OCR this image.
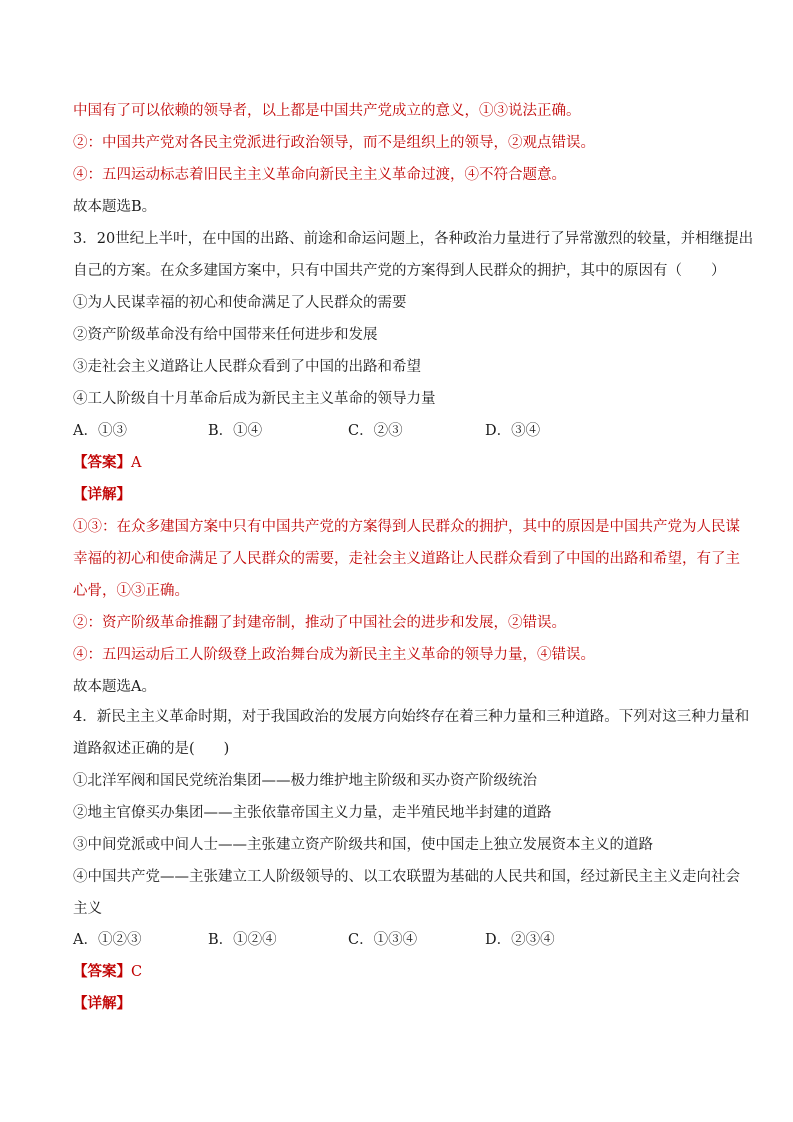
中国有了可以依赖的领导者，以上都是中国共产党成立的意义，①③说法正确。
②：中国共产党对各民主党派进行政治领导，而不是组织上的领导，②观点错误。
④：五四运动标志着旧民主主义革命向新民主主义革命过渡，④不符合题意。
故本题选B。
3．20世纪上半叶，在中国的出路、前途和命运问题上，各种政治力量进行了异常激烈的较量，并相继提出
自己的方案。在众多建国方案中，只有中国共产党的方案得到人民群众的拥护，其中的原因有（　　）
①为人民谋幸福的初心和使命满足了人民群众的需要
②资产阶级革命没有给中国带来任何进步和发展
③走社会主义道路让人民群众看到了中国的出路和希望
④工人阶级自十月革命后成为新民主主义革命的领导力量
A．①③	B．①④	C．②③	D．③④
【答案】A
【详解】
①③：在众多建国方案中只有中国共产党的方案得到人民群众的拥护，其中的原因是中国共产党为人民谋
幸福的初心和使命满足了人民群众的需要，走社会主义道路让人民群众看到了中国的出路和希望，有了主
心骨，①③正确。
②：资产阶级革命推翻了封建帝制，推动了中国社会的进步和发展，②错误。
④：五四运动后工人阶级登上政治舞台成为新民主主义革命的领导力量，④错误。
故本题选A。
4．新民主主义革命时期，对于我国政治的发展方向始终存在着三种力量和三种道路。下列对这三种力量和
道路叙述正确的是(　　)
①北洋军阀和国民党统治集团——极力维护地主阶级和买办资产阶级统治
②地主官僚买办集团——主张依靠帝国主义力量，走半殖民地半封建的道路
③中间党派或中间人士——主张建立资产阶级共和国，使中国走上独立发展资本主义的道路
④中国共产党——主张建立工人阶级领导的、以工农联盟为基础的人民共和国，经过新民主主义走向社会
主义
A．①②③	B．①②④	C．①③④	D．②③④
【答案】C
【详解】
